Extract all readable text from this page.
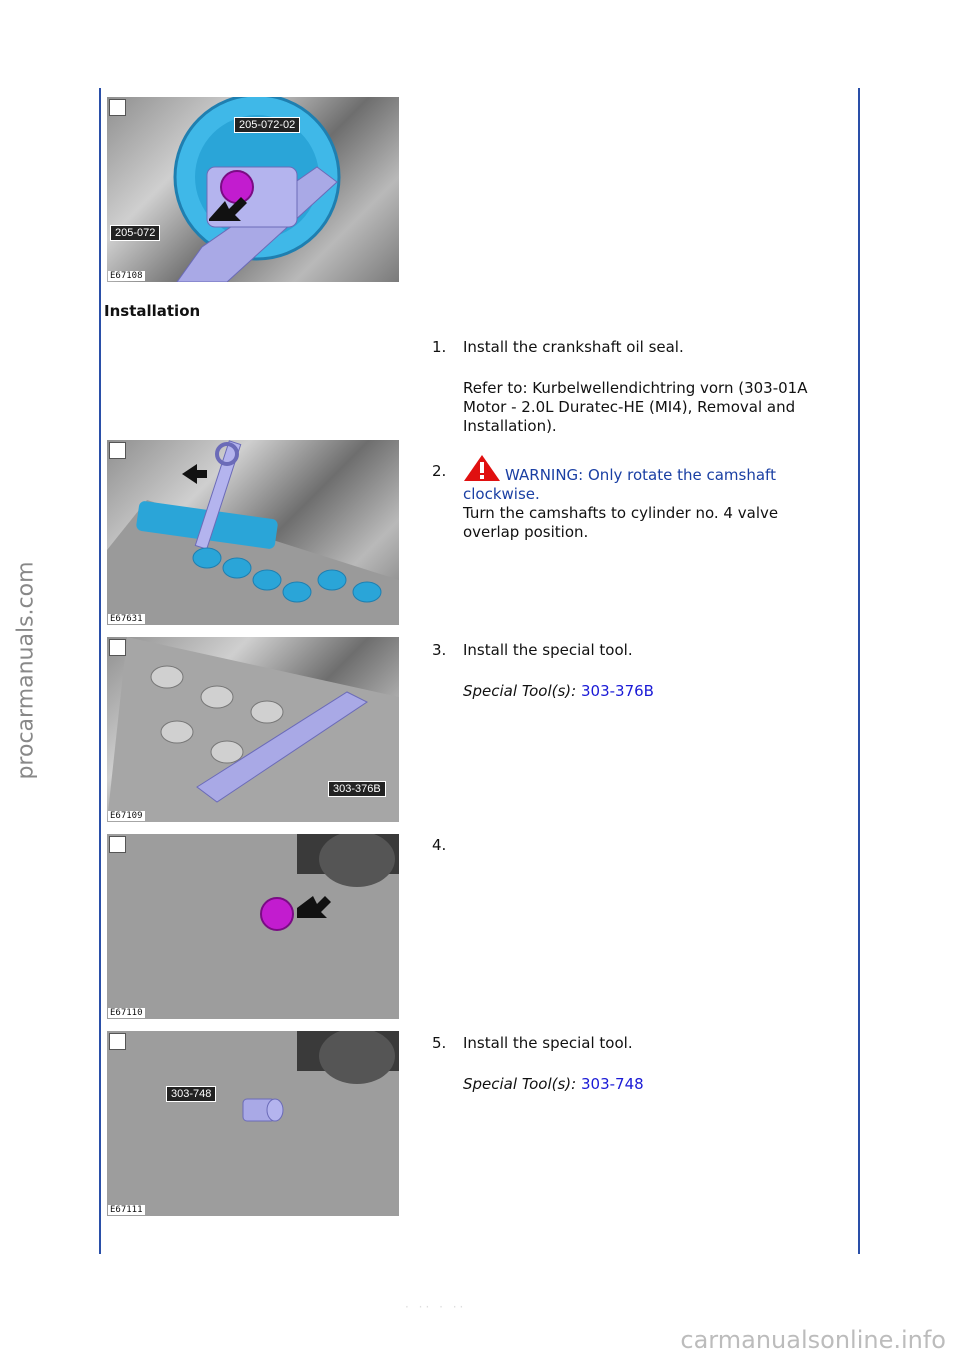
procarmanuals.com
carmanualsonline.info
· ·· · ··
205-072-02
205-072
E67108
Installation
1.	Install the crankshaft oil seal.

Refer to: Kurbelwellendichtring vorn (303-01A Motor - 2.0L Duratec-HE (MI4), Removal and Installation).

E67631
2.	WARNING: Only rotate the camshaft clockwise.

Turn the camshafts to cylinder no. 4 valve overlap position.

303-376B
E67109
3.	Install the special tool.

Special Tool(s): 303-376B

E67110
4.
303-748
E67111
5.	Install the special tool.

Special Tool(s): 303-748
